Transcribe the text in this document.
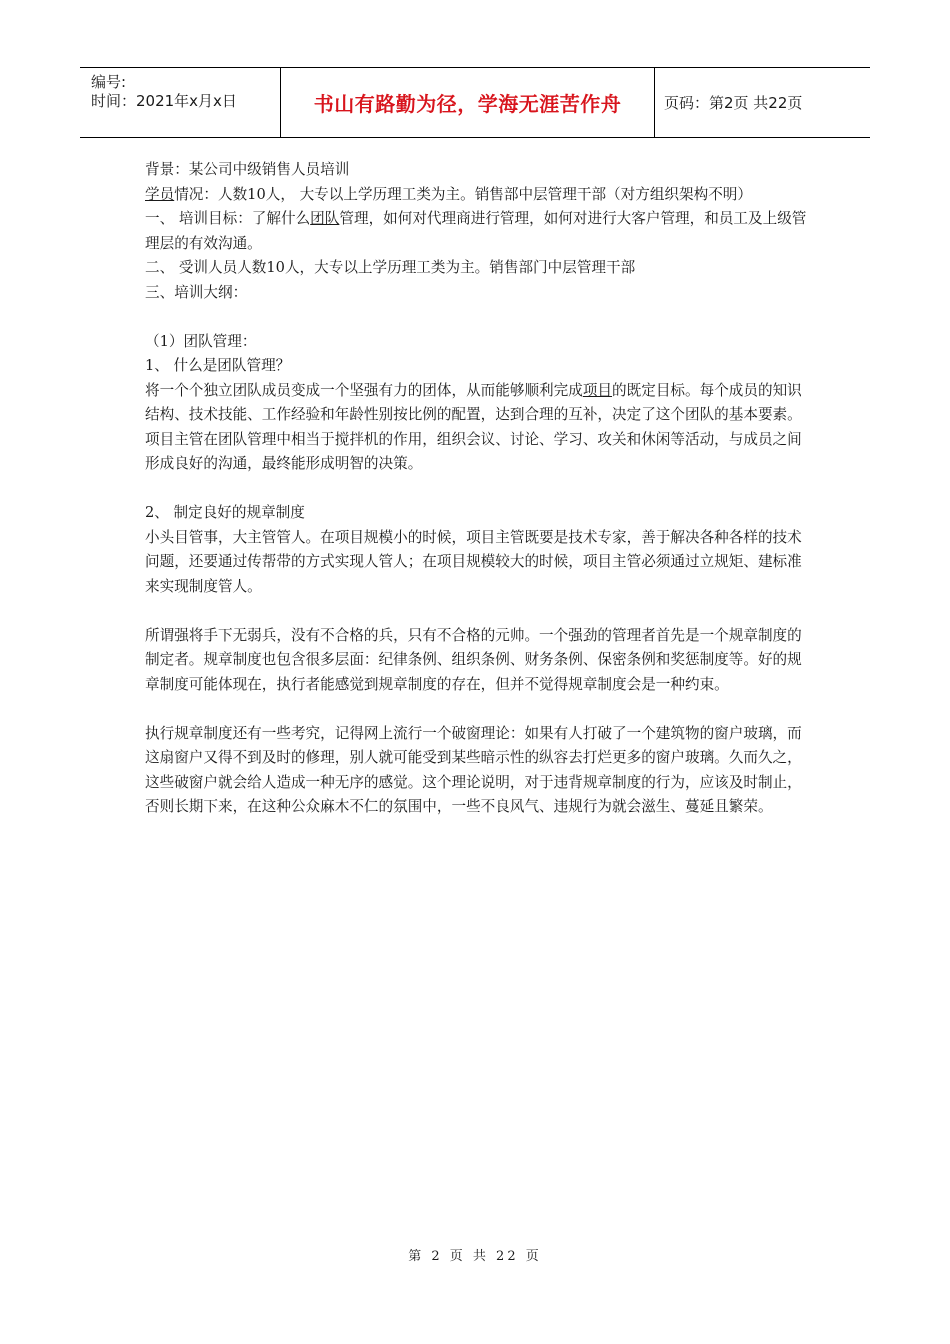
编号:
时间：2021年x月x日	书山有路勤为径，学海无涯苦作舟	页码：第2页 共22页

背景：某公司中级销售人员培训

学员情况：人数10人， 大专以上学历理工类为主。销售部中层管理干部（对方组织架构不明）

一、 培训目标：了解什么团队管理，如何对代理商进行管理，如何对进行大客户管理，和员工及上级管理层的有效沟通。

二、 受训人员人数10人，大专以上学历理工类为主。销售部门中层管理干部

三、培训大纲：

（1）团队管理：

1、 什么是团队管理？

将一个个独立团队成员变成一个坚强有力的团体，从而能够顺利完成项目的既定目标。每个成员的知识结构、技术技能、工作经验和年龄性别按比例的配置，达到合理的互补，决定了这个团队的基本要素。

项目主管在团队管理中相当于搅拌机的作用，组织会议、讨论、学习、攻关和休闲等活动，与成员之间形成良好的沟通，最终能形成明智的决策。

2、 制定良好的规章制度

小头目管事，大主管管人。在项目规模小的时候，项目主管既要是技术专家，善于解决各种各样的技术问题，还要通过传帮带的方式实现人管人；在项目规模较大的时候，项目主管必须通过立规矩、建标准来实现制度管人。

所谓强将手下无弱兵，没有不合格的兵，只有不合格的元帅。一个强劲的管理者首先是一个规章制度的制定者。规章制度也包含很多层面：纪律条例、组织条例、财务条例、保密条例和奖惩制度等。好的规章制度可能体现在，执行者能感觉到规章制度的存在，但并不觉得规章制度会是一种约束。

执行规章制度还有一些考究，记得网上流行一个破窗理论：如果有人打破了一个建筑物的窗户玻璃，而这扇窗户又得不到及时的修理，别人就可能受到某些暗示性的纵容去打烂更多的窗户玻璃。久而久之，这些破窗户就会给人造成一种无序的感觉。这个理论说明，对于违背规章制度的行为，应该及时制止，否则长期下来，在这种公众麻木不仁的氛围中，一些不良风气、违规行为就会滋生、蔓延且繁荣。

第 2 页 共 22 页
